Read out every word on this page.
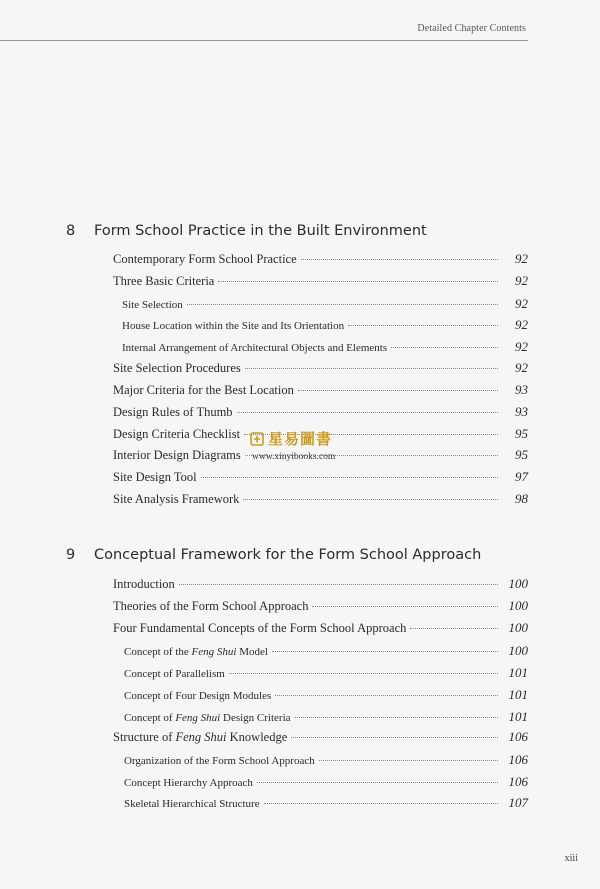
Detailed Chapter Contents
8 Form School Practice in the Built Environment
Contemporary Form School Practice	92
Three Basic Criteria	92
Site Selection	92
House Location within the Site and Its Orientation	92
Internal Arrangement of Architectural Objects and Elements	92
Site Selection Procedures	92
Major Criteria for the Best Location	93
Design Rules of Thumb	93
Design Criteria Checklist	95
Interior Design Diagrams	95
Site Design Tool	97
Site Analysis Framework	98
9 Conceptual Framework for the Form School Approach
Introduction	100
Theories of the Form School Approach	100
Four Fundamental Concepts of the Form School Approach	100
Concept of the Feng Shui Model	100
Concept of Parallelism	101
Concept of Four Design Modules	101
Concept of Feng Shui Design Criteria	101
Structure of Feng Shui Knowledge	106
Organization of the Form School Approach	106
Concept Hierarchy Approach	106
Skeletal Hierarchical Structure	107
星易圖書
www.xinyibooks.com
xiii
